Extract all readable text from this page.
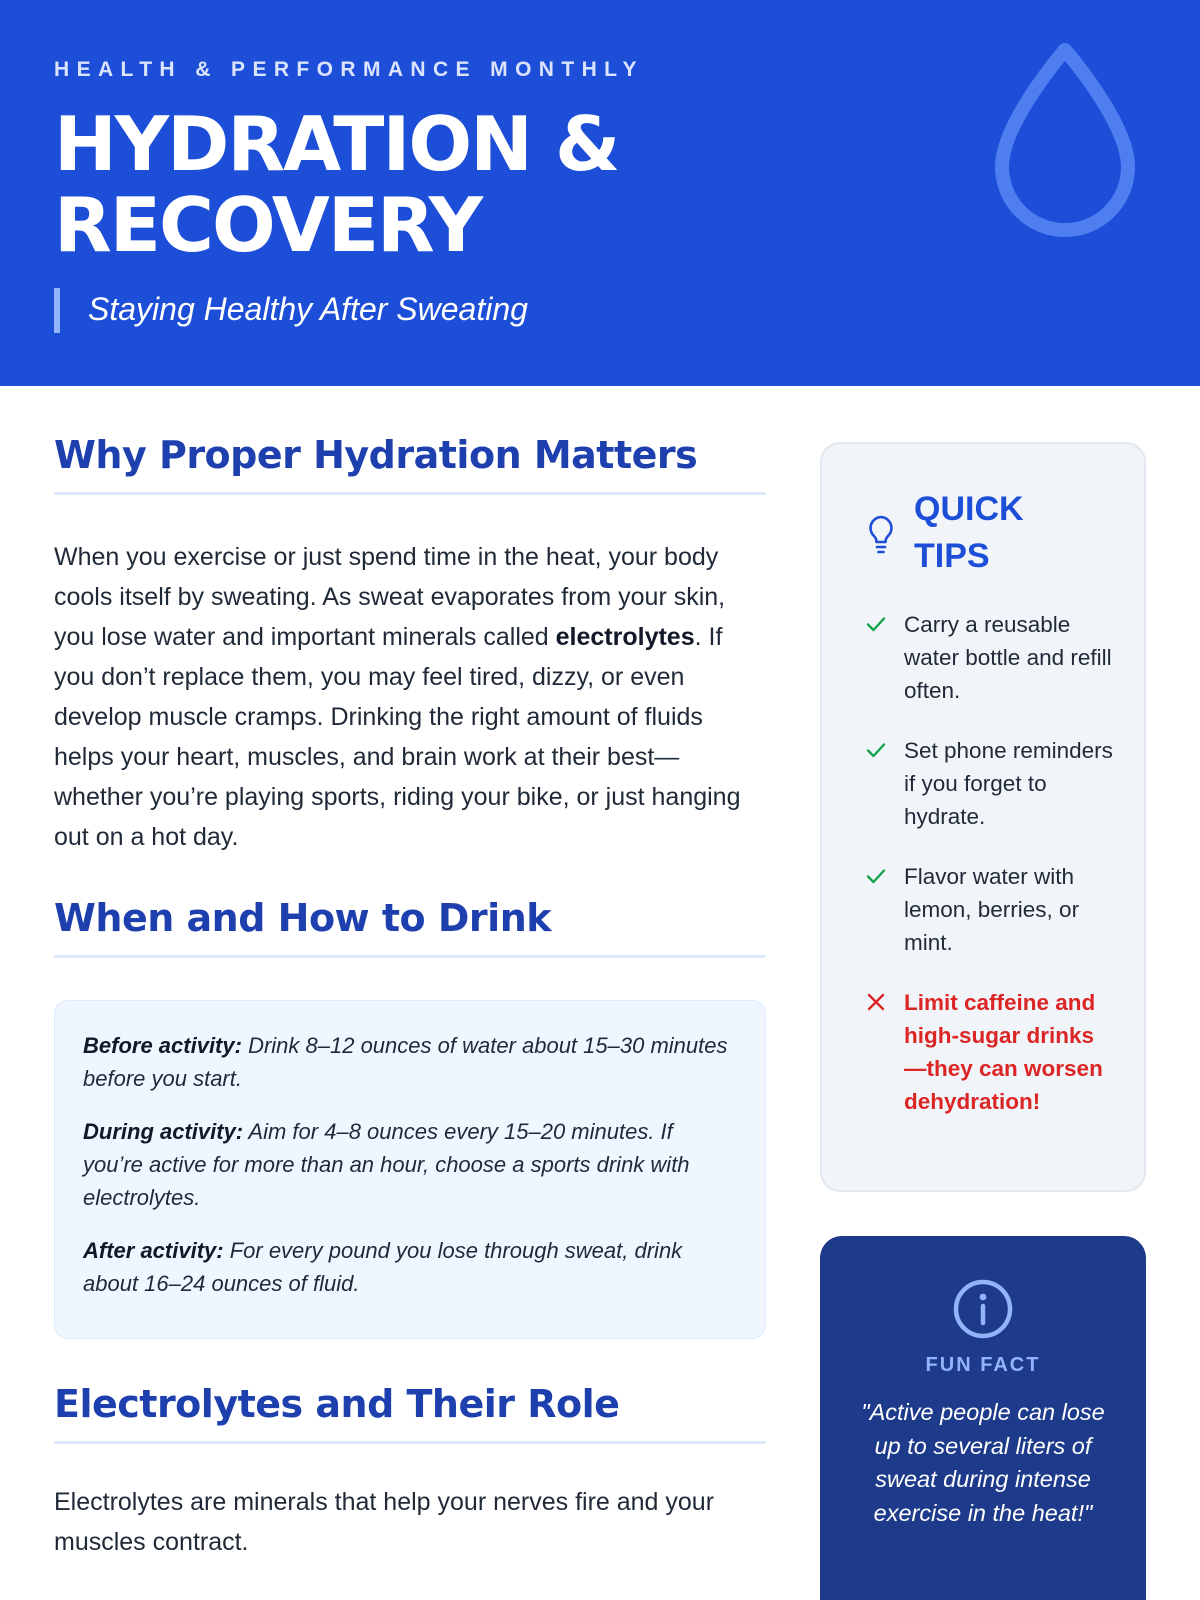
HEALTH & PERFORMANCE MONTHLY
HYDRATION &
RECOVERY
Staying Healthy After Sweating
Why Proper Hydration Matters

When you exercise or just spend time in the heat, your body cools itself by sweating. As sweat evaporates from your skin, you lose water and important minerals called electrolytes. If you don’t replace them, you may feel tired, dizzy, or even develop muscle cramps. Drinking the right amount of fluids helps your heart, muscles, and brain work at their best—whether you’re playing sports, riding your bike, or just hanging out on a hot day.

When and How to Drink

Before activity: Drink 8–12 ounces of water about 15–30 minutes before you start.

During activity: Aim for 4–8 ounces every 15–20 minutes. If you’re active for more than an hour, choose a sports drink with electrolytes.

After activity: For every pound you lose through sweat, drink about 16–24 ounces of fluid.

Electrolytes and Their Role

Electrolytes are minerals that help your nerves fire and your muscles contract.

QUICK
TIPS
Carry a reusable water bottle and refill often.
Set phone reminders if you forget to hydrate.
Flavor water with lemon, berries, or mint.
Limit caffeine and high-sugar drinks—they can worsen dehydration!
FUN FACT
"Active people can lose up to several liters of sweat during intense exercise in the heat!"
